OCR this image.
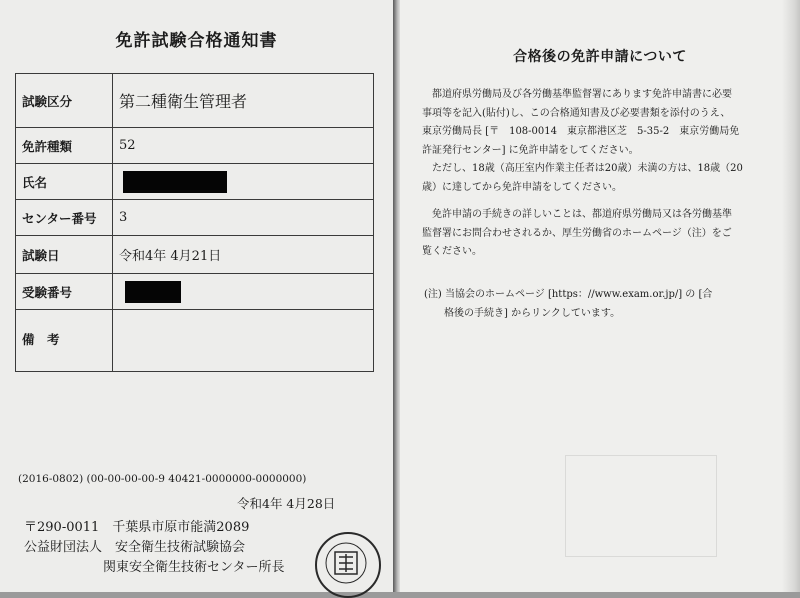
免許試験合格通知書
試験区分	第二種衛生管理者
免許種類	52
氏名	
センター番号	3
試験日	令和4年 4月21日
受験番号	
備　考	
(2016-0802) (00-00-00-00-9 40421-0000000-0000000)
令和4年 4月28日
〒290-0011　千葉県市原市能満2089
公益財団法人　安全衛生技術試験協会
関東安全衛生技術センター所長
合格後の免許申請について
都道府県労働局及び各労働基準監督署にあります免許申請書に必要
事項等を記入(貼付)し、この合格通知書及び必要書類を添付のうえ、
東京労働局長 [〒　108-0014　東京都港区芝　5-35-2　東京労働局免
許証発行センター] に免許申請をしてください。
ただし、18歳（高圧室内作業主任者は20歳）未満の方は、18歳（20
歳）に達してから免許申請をしてください。
免許申請の手続きの詳しいことは、都道府県労働局又は各労働基準
監督署にお問合わせされるか、厚生労働省のホームページ（注）をご
覧ください。
(注) 当協会のホームページ [https：//www.exam.or.jp/] の [合
格後の手続き] からリンクしています。
